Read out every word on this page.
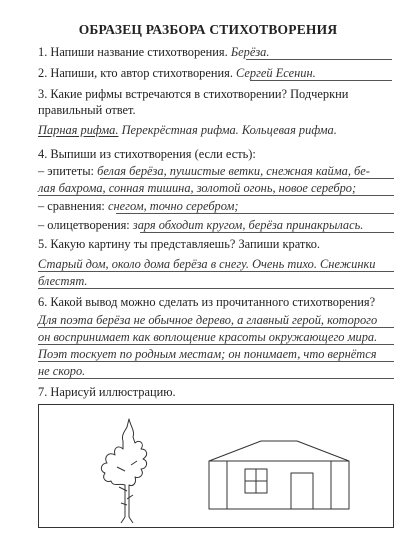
ОБРАЗЕЦ РАЗБОРА СТИХОТВОРЕНИЯ
1. Напиши название стихотворения. Берёза.
2. Напиши, кто автор стихотворения. Сергей Есенин.
3. Какие рифмы встречаются в стихотворении? Подчеркни
правильный ответ.
Парная рифма. Перекрёстная рифма. Кольцевая рифма.
4. Выпиши из стихотворения (если есть):
– эпитеты: белая берёза, пушистые ветки, снежная кайма, бе-
лая бахрома, сонная тишина, золотой огонь, новое серебро;
– сравнения: снегом, точно серебром;
– олицетворения: заря обходит кругом, берёза принакрылась.
5. Какую картину ты представляешь? Запиши кратко.
Старый дом, около дома берёза в снегу. Очень тихо. Снежинки
блестят.
6. Какой вывод можно сделать из прочитанного стихотворения?
Для поэта берёза не обычное дерево, а главный герой, которого
он воспринимает как воплощение красоты окружающего мира.
Поэт тоскует по родным местам; он понимает, что вернётся
не скоро.
7. Нарисуй иллюстрацию.
